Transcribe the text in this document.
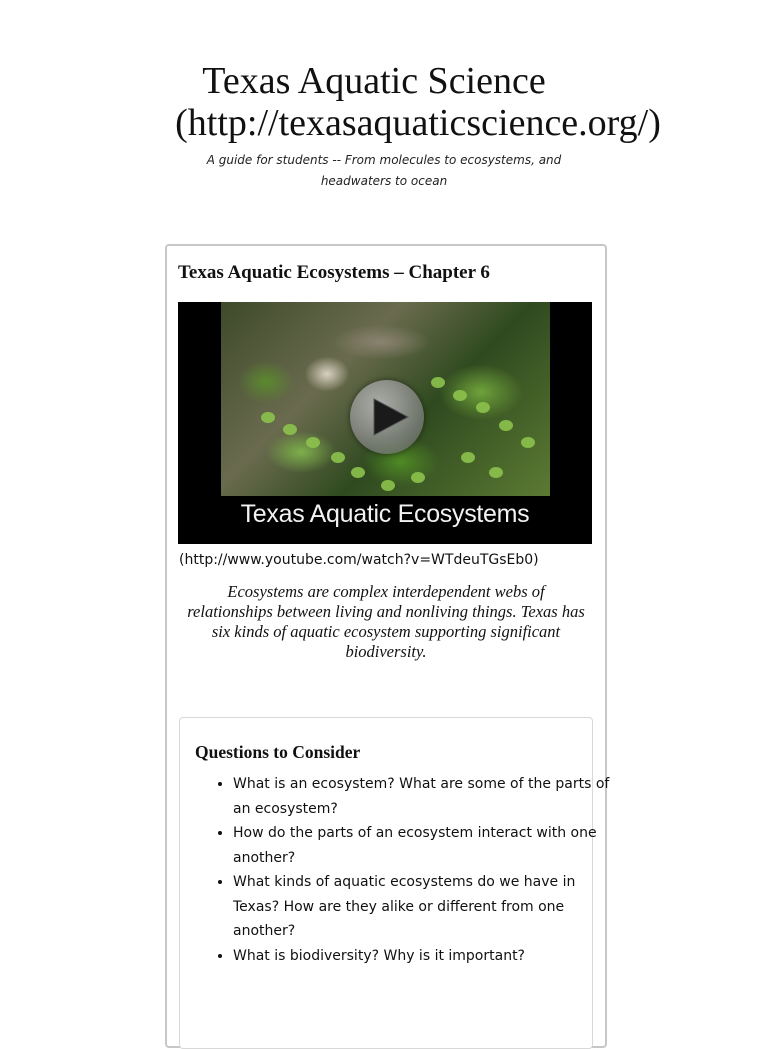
Texas Aquatic Science
(http://texasaquaticscience.org/)

A guide for students -- From molecules to ecosystems, and headwaters to ocean

Texas Aquatic Ecosystems – Chapter 6
Texas Aquatic Ecosystems
(http://www.youtube.com/watch?v=WTdeuTGsEb0)

Ecosystems are complex interdependent webs of relationships between living and nonliving things. Texas has six kinds of aquatic ecosystem supporting significant biodiversity.

Questions to Consider
• What is an ecosystem? What are some of the parts of an ecosystem?
• How do the parts of an ecosystem interact with one another?
• What kinds of aquatic ecosystems do we have in Texas? How are they alike or different from one another?
• What is biodiversity? Why is it important?
